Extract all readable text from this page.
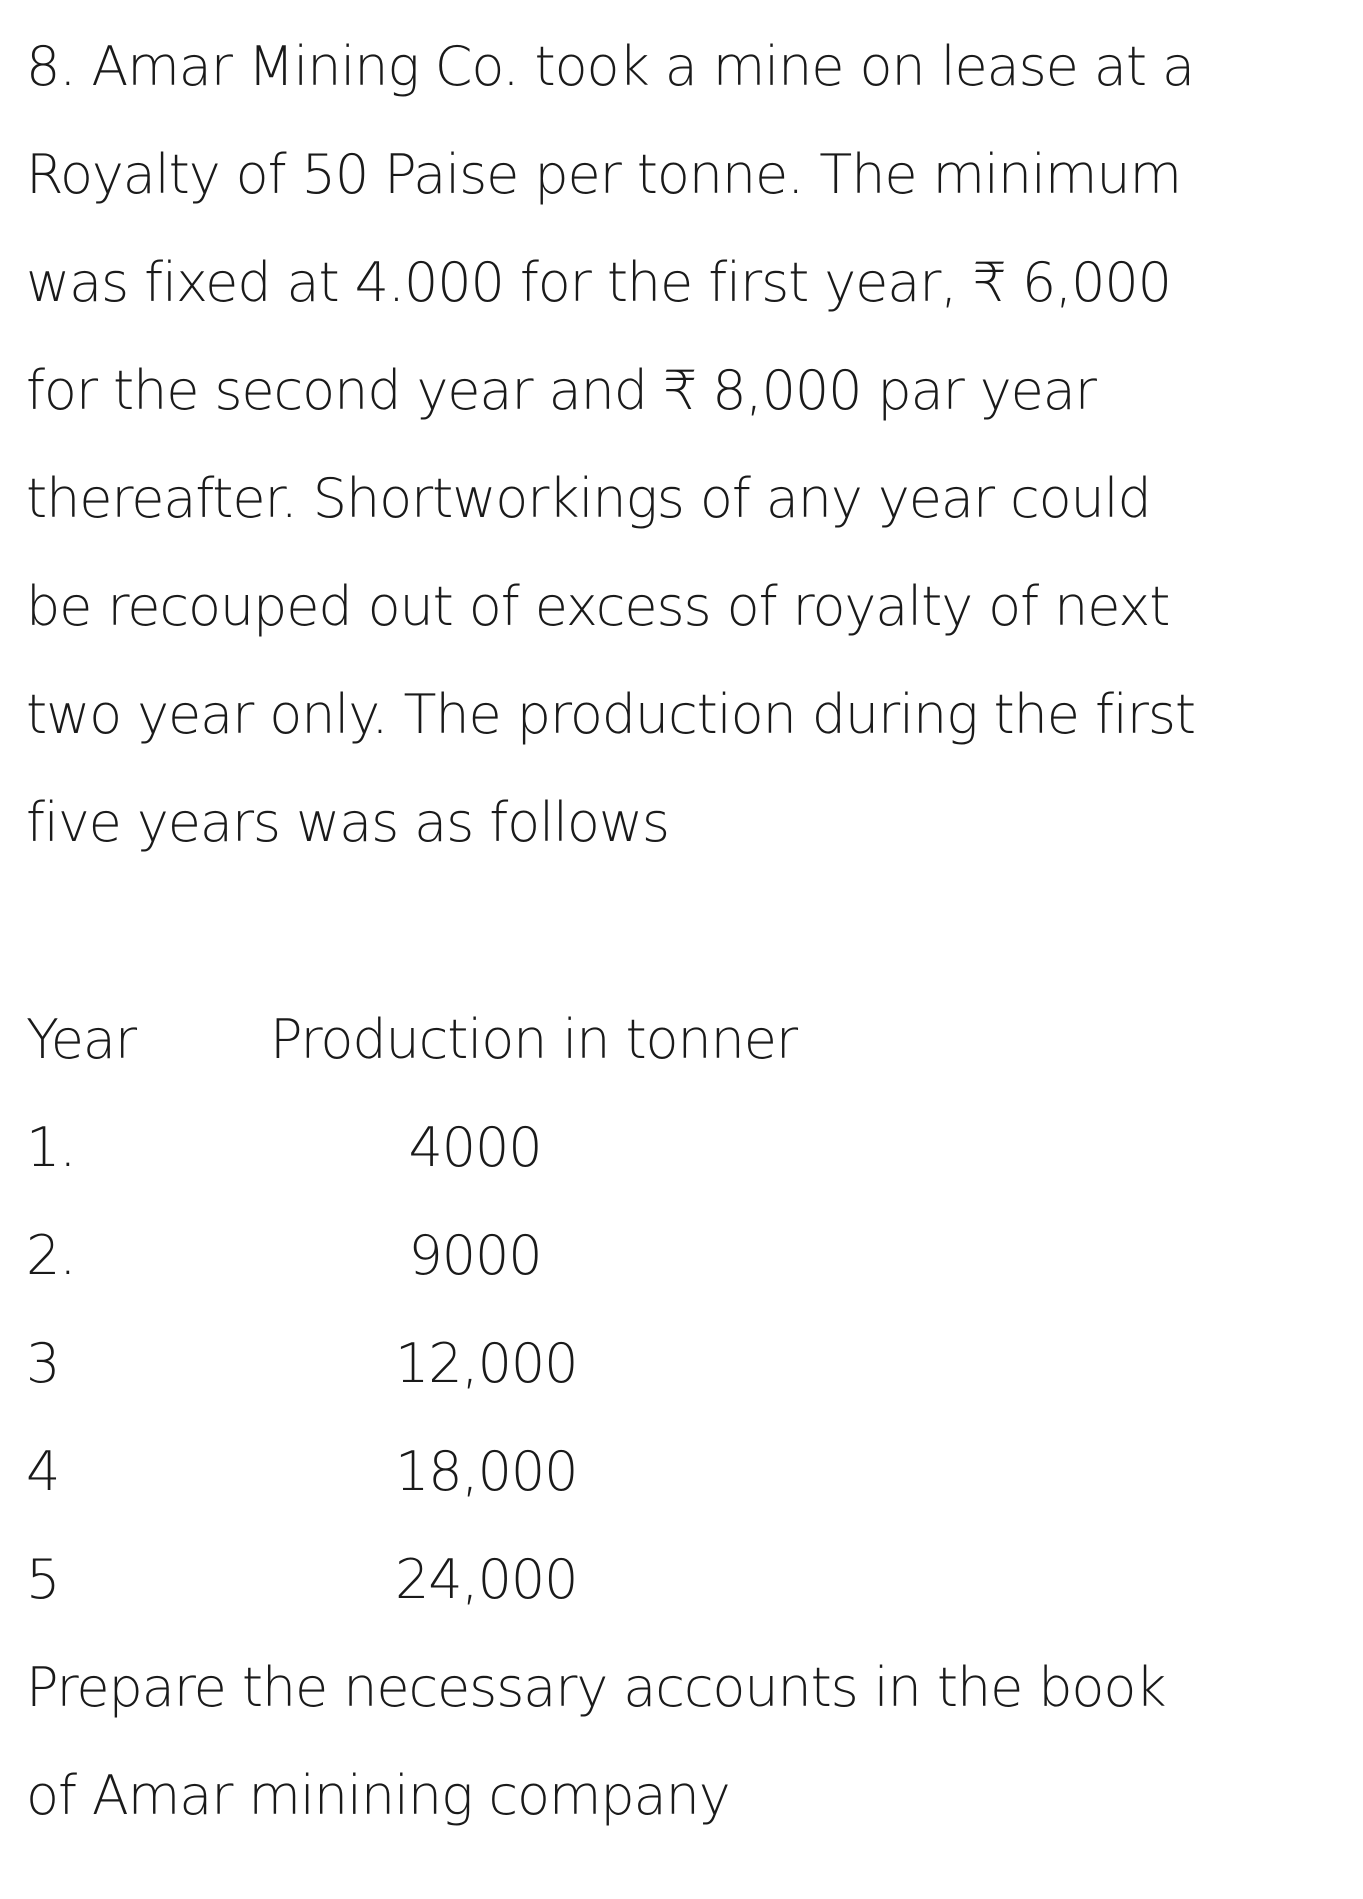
8. Amar Mining Co. took a mine on lease at a
Royalty of 50 Paise per tonne. The minimum
was fixed at 4.000 for the first year, ₹ 6,000
for the second year and ₹ 8,000 par year
thereafter. Shortworkings of any year could
be recouped out of excess of royalty of next
two year only. The production during the first
five years was as follows
Year Production in tonner
1.	4000
2.	9000
3	12,000
4	18,000
5	24,000
Prepare the necessary accounts in the book
of Amar minining company
